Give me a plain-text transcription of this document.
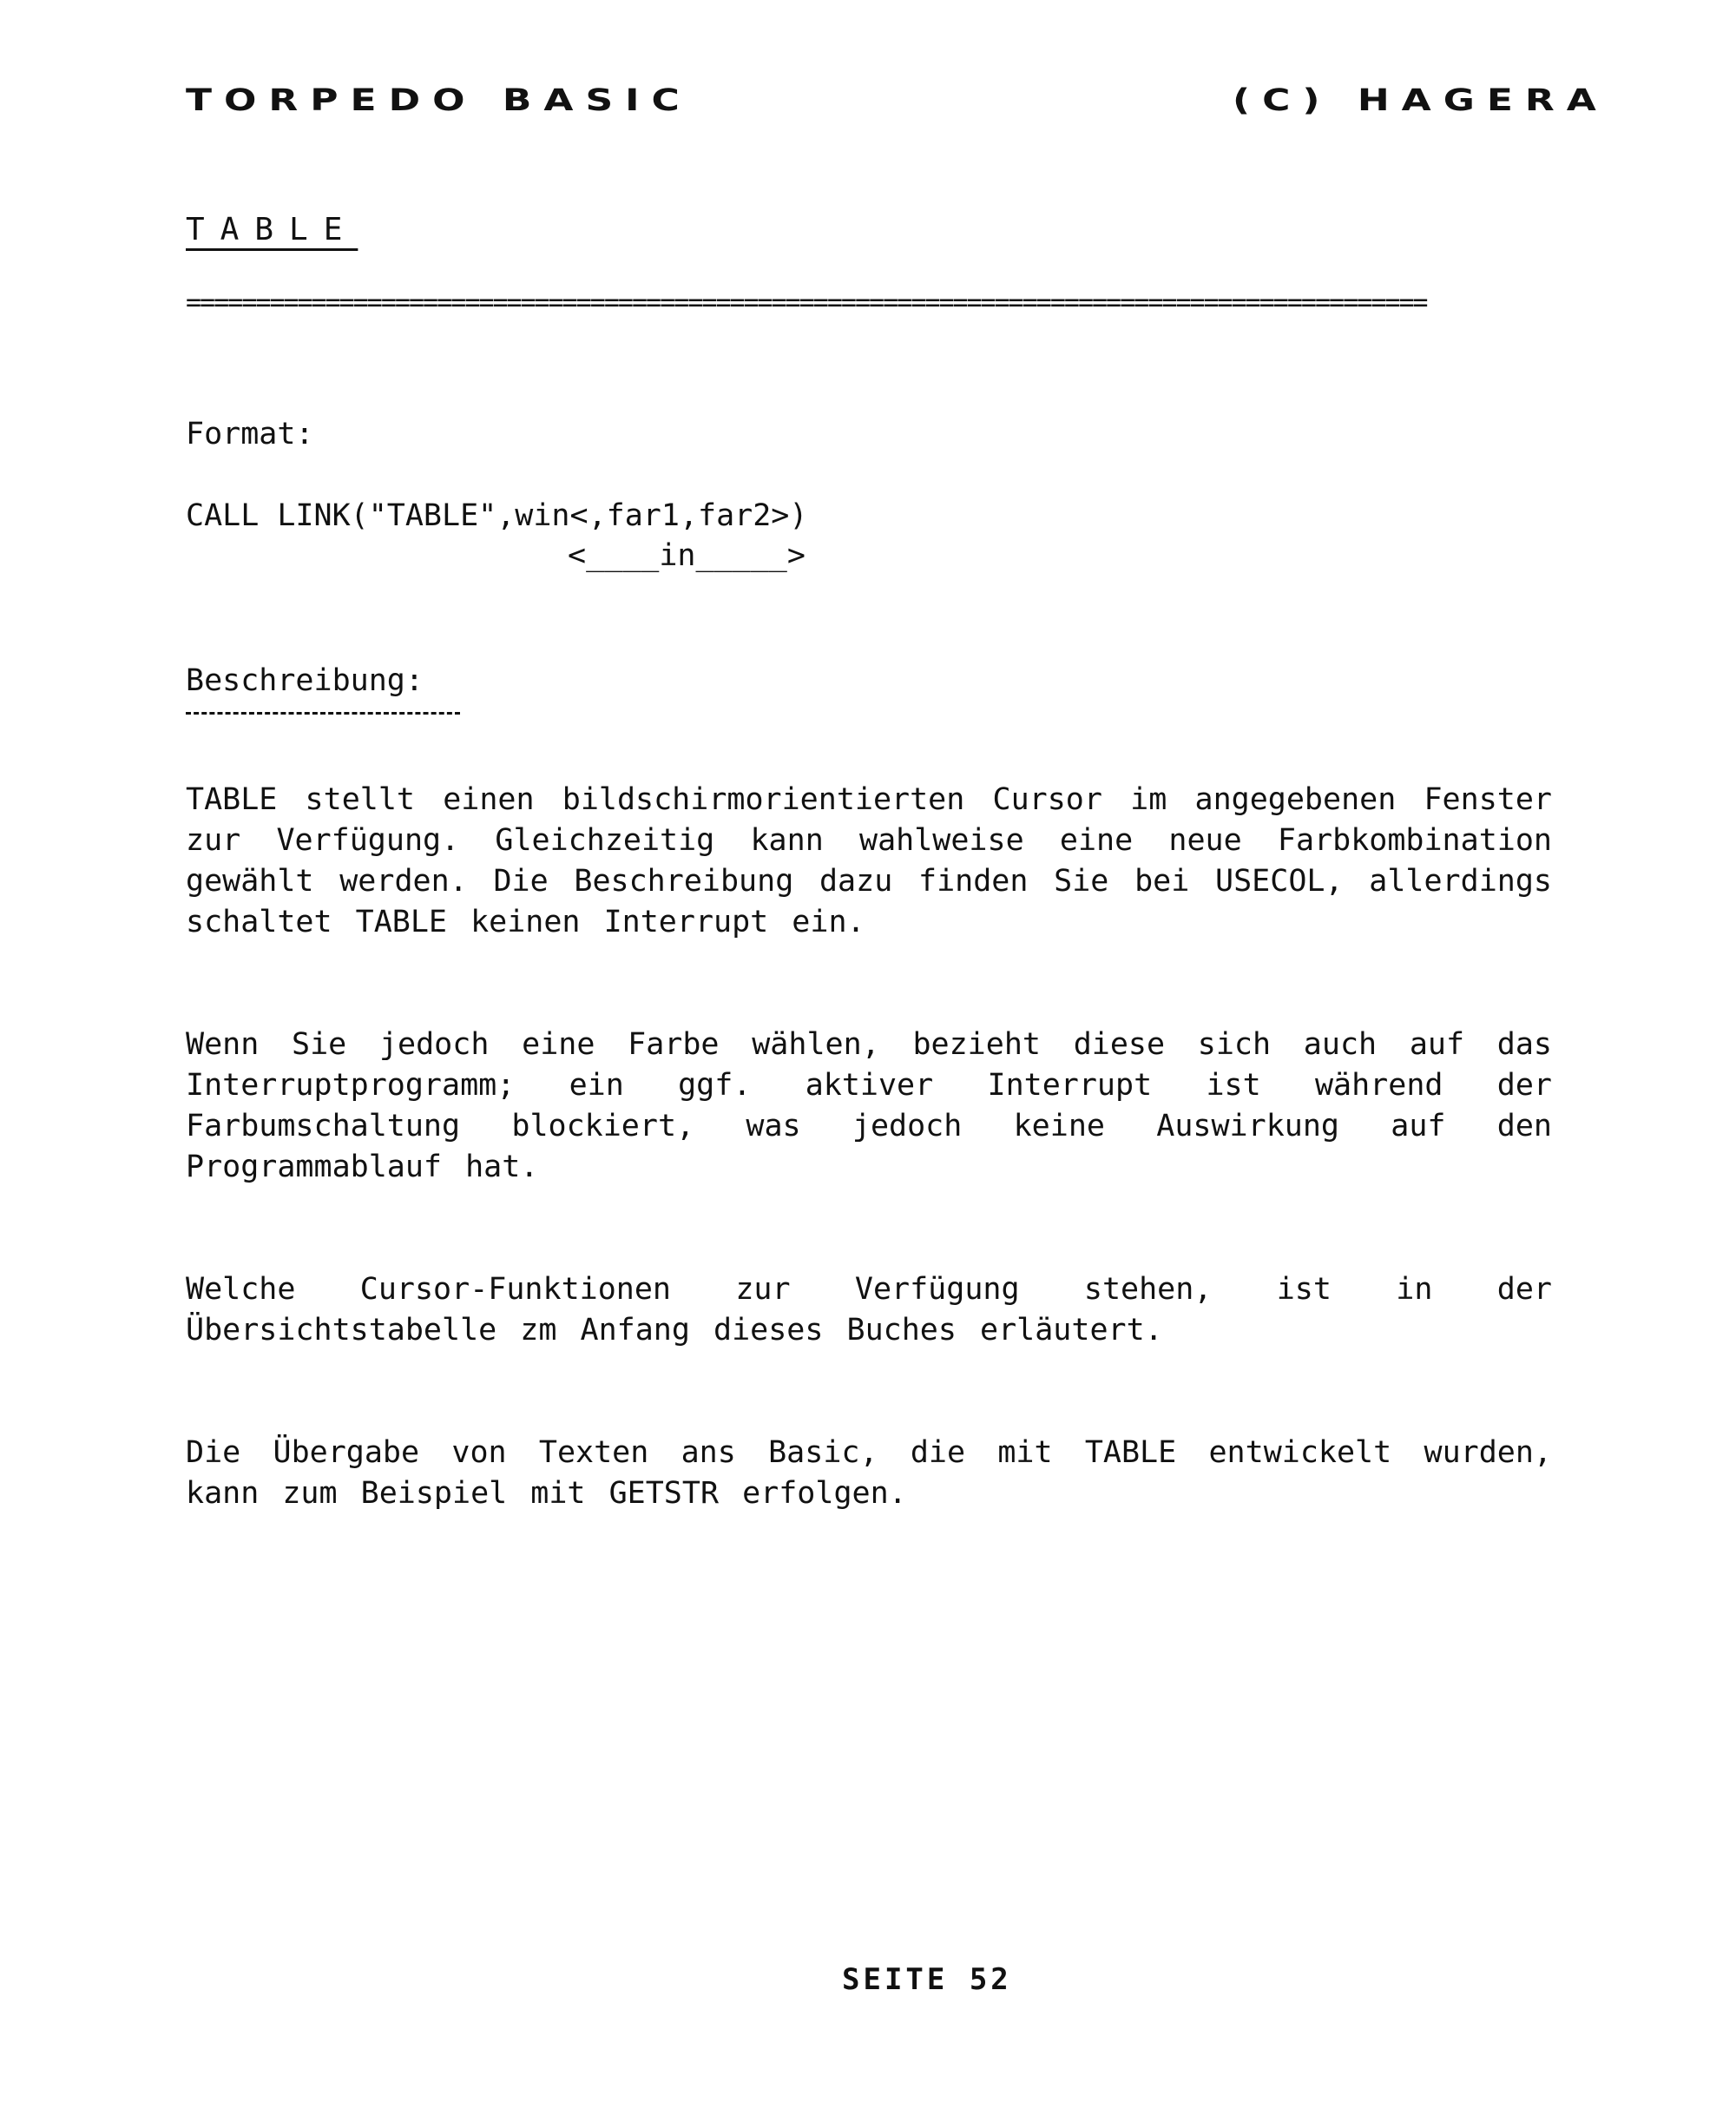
TORPEDO BASIC	(C) HAGERA
TABLE
=========================================================================================
Format:
CALL LINK("TABLE",win<,far1,far2>)
<____in_____>
Beschreibung:
TABLE stellt einen bildschirmorientierten Cursor im angegebenen Fenster zur Verfügung. Gleichzeitig kann wahlweise eine neue Farbkombination gewählt werden. Die Beschreibung dazu finden Sie bei USECOL, allerdings schaltet TABLE keinen Interrupt ein.
Wenn Sie jedoch eine Farbe wählen, bezieht diese sich auch auf das Interruptprogramm; ein ggf. aktiver Interrupt ist während der Farbumschaltung blockiert, was jedoch keine Auswirkung auf den Programmablauf hat.
Welche Cursor-Funktionen zur Verfügung stehen, ist in der Übersichtstabelle zm Anfang dieses Buches erläutert.
Die Übergabe von Texten ans Basic, die mit TABLE entwickelt wurden, kann zum Beispiel mit GETSTR erfolgen.
SEITE 52
